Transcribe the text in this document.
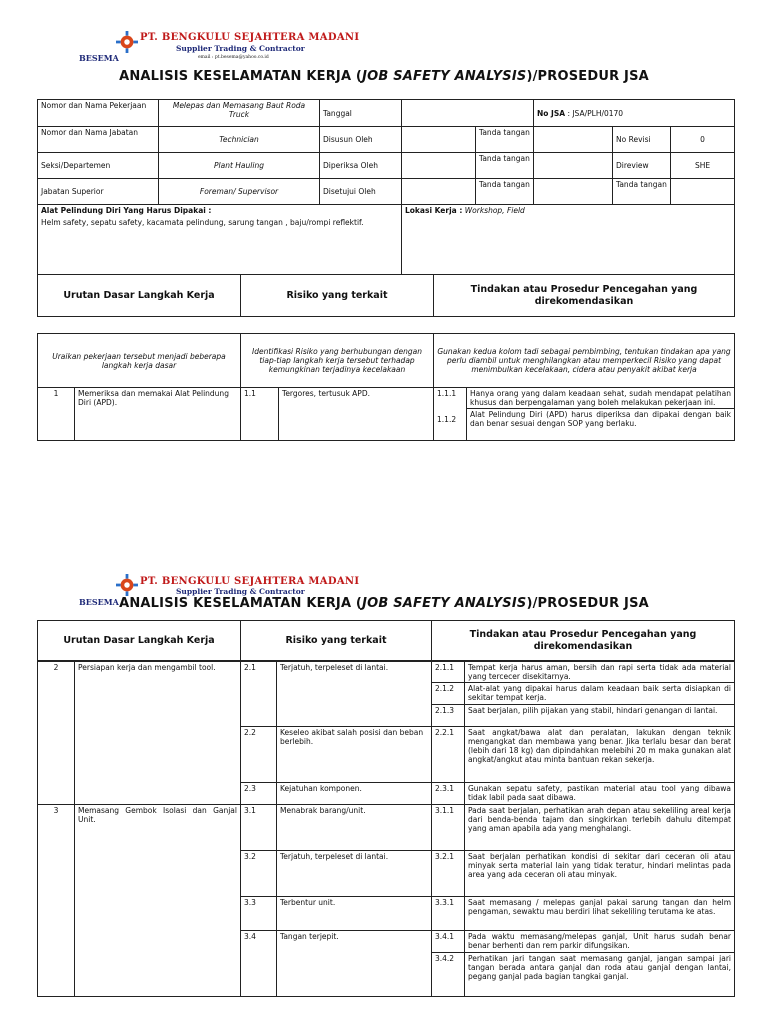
PT. BENGKULU SEJAHTERA MADANI
Supplier Trading & Contractor
email : pt.besema@yahoo.co.id
BESEMA
ANALISIS KESELAMATAN KERJA (JOB SAFETY ANALYSIS)/PROSEDUR JSA
Nomor dan Nama Pekerjaan	Melepas dan Memasang Baut Roda Truck	Tanggal			No JSA : JSA/PLH/0170		
Nomor dan Nama Jabatan	Technician	Disusun Oleh		Tanda tangan		No Revisi	0
Seksi/Departemen	Plant Hauling	Diperiksa Oleh		Tanda tangan		Direview	SHE
Jabatan Superior	Foreman/ Supervisor	Disetujui Oleh		Tanda tangan		Tanda tangan	

Alat Pelindung Diri Yang Harus Dipakai :
Helm safety, sepatu safety, kacamata pelindung, sarung tangan , baju/rompi reflektif.			Lokasi Kerja : Workshop, Field				
Urutan Dasar Langkah Kerja	Risiko yang terkait	Tindakan atau Prosedur Pencegahan yang direkomendasikan
Uraikan pekerjaan tersebut menjadi beberapa langkah kerja dasar		Identifikasi Risiko yang berhubungan dengan tiap-tiap langkah kerja tersebut terhadap kemungkinan terjadinya kecelakaan		Gunakan kedua kolom tadi sebagai pembimbing, tentukan tindakan apa yang perlu diambil untuk menghilangkan atau memperkecil Risiko yang dapat menimbulkan kecelakaan, cidera atau penyakit akibat kerja	
1	Memeriksa dan memakai Alat Pelindung Diri (APD).	1.1	Tergores, tertusuk APD.	1.1.1	Hanya orang yang dalam keadaan sehat, sudah mendapat pelatihan khusus dan berpengalaman yang boleh melakukan pekerjaan ini.
				1.1.2	Alat Pelindung Diri (APD) harus diperiksa dan dipakai dengan baik dan benar sesuai dengan SOP yang berlaku.
PT. BENGKULU SEJAHTERA MADANI
Supplier Trading & Contractor
BESEMA ANALISIS KESELAMATAN KERJA (JOB SAFETY ANALYSIS)/PROSEDUR JSA
Urutan Dasar Langkah Kerja	Risiko yang terkait	Tindakan atau Prosedur Pencegahan yang direkomendasikan
2	Persiapan kerja dan mengambil tool.	2.1	Terjatuh, terpeleset di lantai.	2.1.1	Tempat kerja harus aman, bersih dan rapi serta tidak ada material yang tercecer disekitarnya.
				2.1.2	Alat-alat yang dipakai harus dalam keadaan baik serta disiapkan di sekitar tempat kerja.
				2.1.3	Saat berjalan, pilih pijakan yang stabil, hindari genangan di lantai.
		2.2	Keseleo akibat salah posisi dan beban berlebih.	2.2.1	Saat angkat/bawa alat dan peralatan, lakukan dengan teknik mengangkat dan membawa yang benar. Jika terlalu besar dan berat (lebih dari 18 kg) dan dipindahkan melebihi 20 m maka gunakan alat angkat/angkut atau minta bantuan rekan sekerja.
		2.3	Kejatuhan komponen.	2.3.1	Gunakan sepatu safety, pastikan material atau tool yang dibawa tidak labil pada saat dibawa.
3	Memasang Gembok Isolasi dan Ganjal Unit.	3.1	Menabrak barang/unit.	3.1.1	Pada saat berjalan, perhatikan arah depan atau sekeliling areal kerja dari benda-benda tajam dan singkirkan terlebih dahulu ditempat yang aman apabila ada yang menghalangi.
		3.2	Terjatuh, terpeleset di lantai.	3.2.1	Saat berjalan perhatikan kondisi di sekitar dari ceceran oli atau minyak serta material lain yang tidak teratur, hindari melintas pada area yang ada ceceran oli atau minyak.
		3.3	Terbentur unit.	3.3.1	Saat memasang / melepas ganjal pakai sarung tangan dan helm pengaman, sewaktu mau berdiri lihat sekeliling terutama ke atas.
		3.4	Tangan terjepit.	3.4.1	Pada waktu memasang/melepas ganjal, Unit harus sudah benar benar berhenti dan rem parkir difungsikan.
				3.4.2	Perhatikan jari tangan saat memasang ganjal, jangan sampai jari tangan berada antara ganjal dan roda atau ganjal dengan lantai, pegang ganjal pada bagian tangkai ganjal.
